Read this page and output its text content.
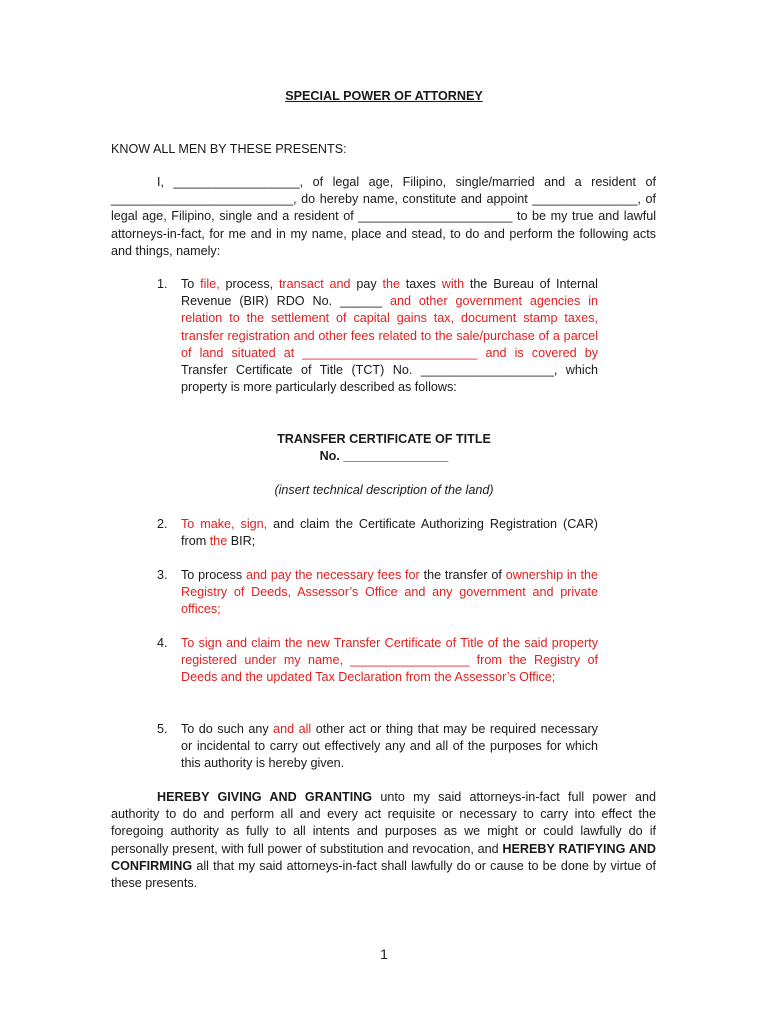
SPECIAL POWER OF ATTORNEY
KNOW ALL MEN BY THESE PRESENTS:
I, __________________, of legal age, Filipino, single/married and a resident of __________________________, do hereby name, constitute and appoint _______________, of legal age, Filipino, single and a resident of ______________________ to be my true and lawful attorneys-in-fact, for me and in my name, place and stead, to do and perform the following acts and things, namely:
1. To file, process, transact and pay the taxes with the Bureau of Internal Revenue (BIR) RDO No. ______ and other government agencies in relation to the settlement of capital gains tax, document stamp taxes, transfer registration and other fees related to the sale/purchase of a parcel of land situated at _________________________ and is covered by Transfer Certificate of Title (TCT) No. ___________________, which property is more particularly described as follows:
TRANSFER CERTIFICATE OF TITLE
No. _______________
(insert technical description of the land)
2. To make, sign, and claim the Certificate Authorizing Registration (CAR) from the BIR;
3. To process and pay the necessary fees for the transfer of ownership in the Registry of Deeds, Assessor’s Office and any government and private offices;
4. To sign and claim the new Transfer Certificate of Title of the said property registered under my name, _________________ from the Registry of Deeds and the updated Tax Declaration from the Assessor’s Office;
5. To do such any and all other act or thing that may be required necessary or incidental to carry out effectively any and all of the purposes for which this authority is hereby given.
HEREBY GIVING AND GRANTING unto my said attorneys-in-fact full power and authority to do and perform all and every act requisite or necessary to carry into effect the foregoing authority as fully to all intents and purposes as we might or could lawfully do if personally present, with full power of substitution and revocation, and HEREBY RATIFYING AND CONFIRMING all that my said attorneys-in-fact shall lawfully do or cause to be done by virtue of these presents.
1
